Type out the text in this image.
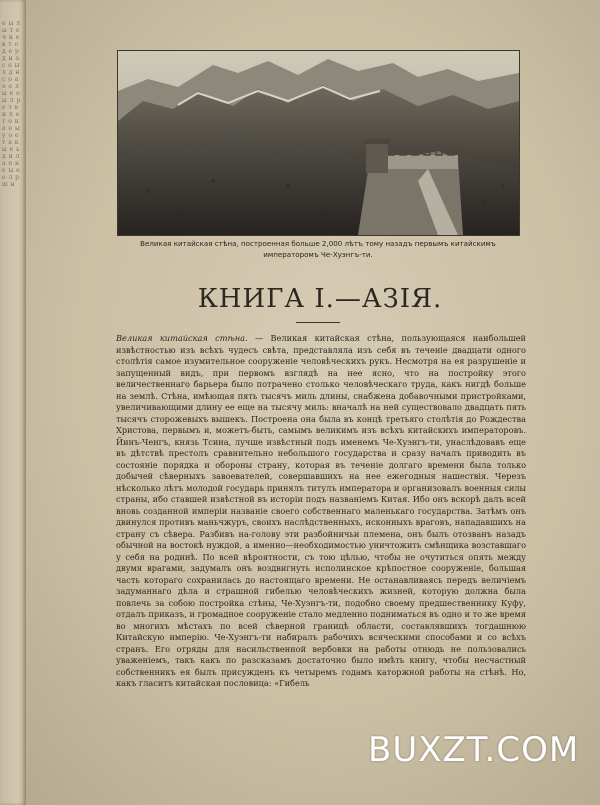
е ы л ы т е ч н е в т о д е р д н а с е ы л д н с о а о е л ы е е ы л р е т в н л е т о н а е ы у о е т а в ы е ь д н л а о н е ы е е л р ш н
Великая китайская стѣна, построенная больше 2,000 лѣтъ тому назадъ первымъ китайскимъ императоромъ Че-Хуэнгъ-ти.
КНИГА I.—АЗІЯ.
Великая китайская стѣна. — Великая китайская стѣна, пользующаяся наибольшей извѣстностью изъ всѣхъ чудесъ свѣта, представляла изъ себя въ теченіе двадцати одного столѣтія самое изумительное сооруженіе человѣческихъ рукъ. Несмотря на ея разрушеніе и запущенный видъ, при первомъ взглядѣ на нее ясно, что на постройку этого величественнаго барьера было потрачено столько человѣческаго труда, какъ нигдѣ больше на землѣ. Стѣна, имѣющая пять тысячъ миль длины, снабжена добавочными пристройками, увеличивающими длину ее еще на тысячу миль: вначалѣ на ней существовало двадцать пять тысячъ сторожевыхъ вышекъ. Построена она была въ концѣ третьяго столѣтія до Рождества Христова, первымъ и, можетъ-быть, самымъ великимъ изъ всѣхъ китайскихъ императоровъ. Йинъ-Ченгъ, князь Тсина, лучше извѣстный подъ именемъ Че-Хуэнгъ-ти, унаслѣдовавъ еще въ дѣтствѣ престолъ сравнительно небольшого государства и сразу началъ приводить въ состояніе порядка и обороны страну, которая въ теченіе долгаго времени была только добычей сѣверныхъ завоевателей, совершавшихъ на нее ежегодныя нашествія. Черезъ нѣсколько лѣтъ молодой государь принялъ титулъ императора и организовалъ военныя силы страны, ибо ставшей извѣстной въ исторіи подъ названіемъ Китая. Ибо онъ вскорѣ далъ всей вновь созданной имперіи названіе своего собственнаго маленькаго государства. Затѣмъ онъ двинулся противъ маньчжуръ, своихъ наслѣдственныхъ, исконныхъ враговъ, нападавшихъ на страну съ сѣвера. Разбивъ на-голову эти разбойничьи племена, онъ былъ отозванъ назадъ обычной на востокѣ нуждой, а именно—необходимостью уничтожить смѣнщика возставшаго у себя на родинѣ. По всей вѣроятности, съ тою цѣлью, чтобы не очутиться опять между двумя врагами, задумалъ онъ воздвигнуть исполинское крѣпостное сооруженіе, большая часть котораго сохранилась до настоящаго времени. Не останавливаясь передъ величіемъ задуманнаго дѣла и страшной гибелью человѣческихъ жизней, которую должна была повлечь за собою постройка стѣны, Че-Хуэнгъ-ти, подобно своему предшественнику Куфу, отдалъ приказъ, и громадное сооруженіе стало медленно подниматься въ одно и то же время во многихъ мѣстахъ по всей сѣверной границѣ области, составлявшихъ тогдашнюю Китайскую имперію. Че-Хуэнгъ-ти набиралъ рабочихъ всяческими способами и со всѣхъ странъ. Его отряды для насильственной вербовки на работы отнюдь не пользовались уваженіемъ, такъ какъ по разсказамъ достаточно было имѣть книгу, чтобы несчастный собственникъ ея былъ присужденъ къ четыремъ годамъ каторжной работы на стѣнѣ. Но, какъ гласитъ китайская пословица: «Гибель
BUXZT.COM
